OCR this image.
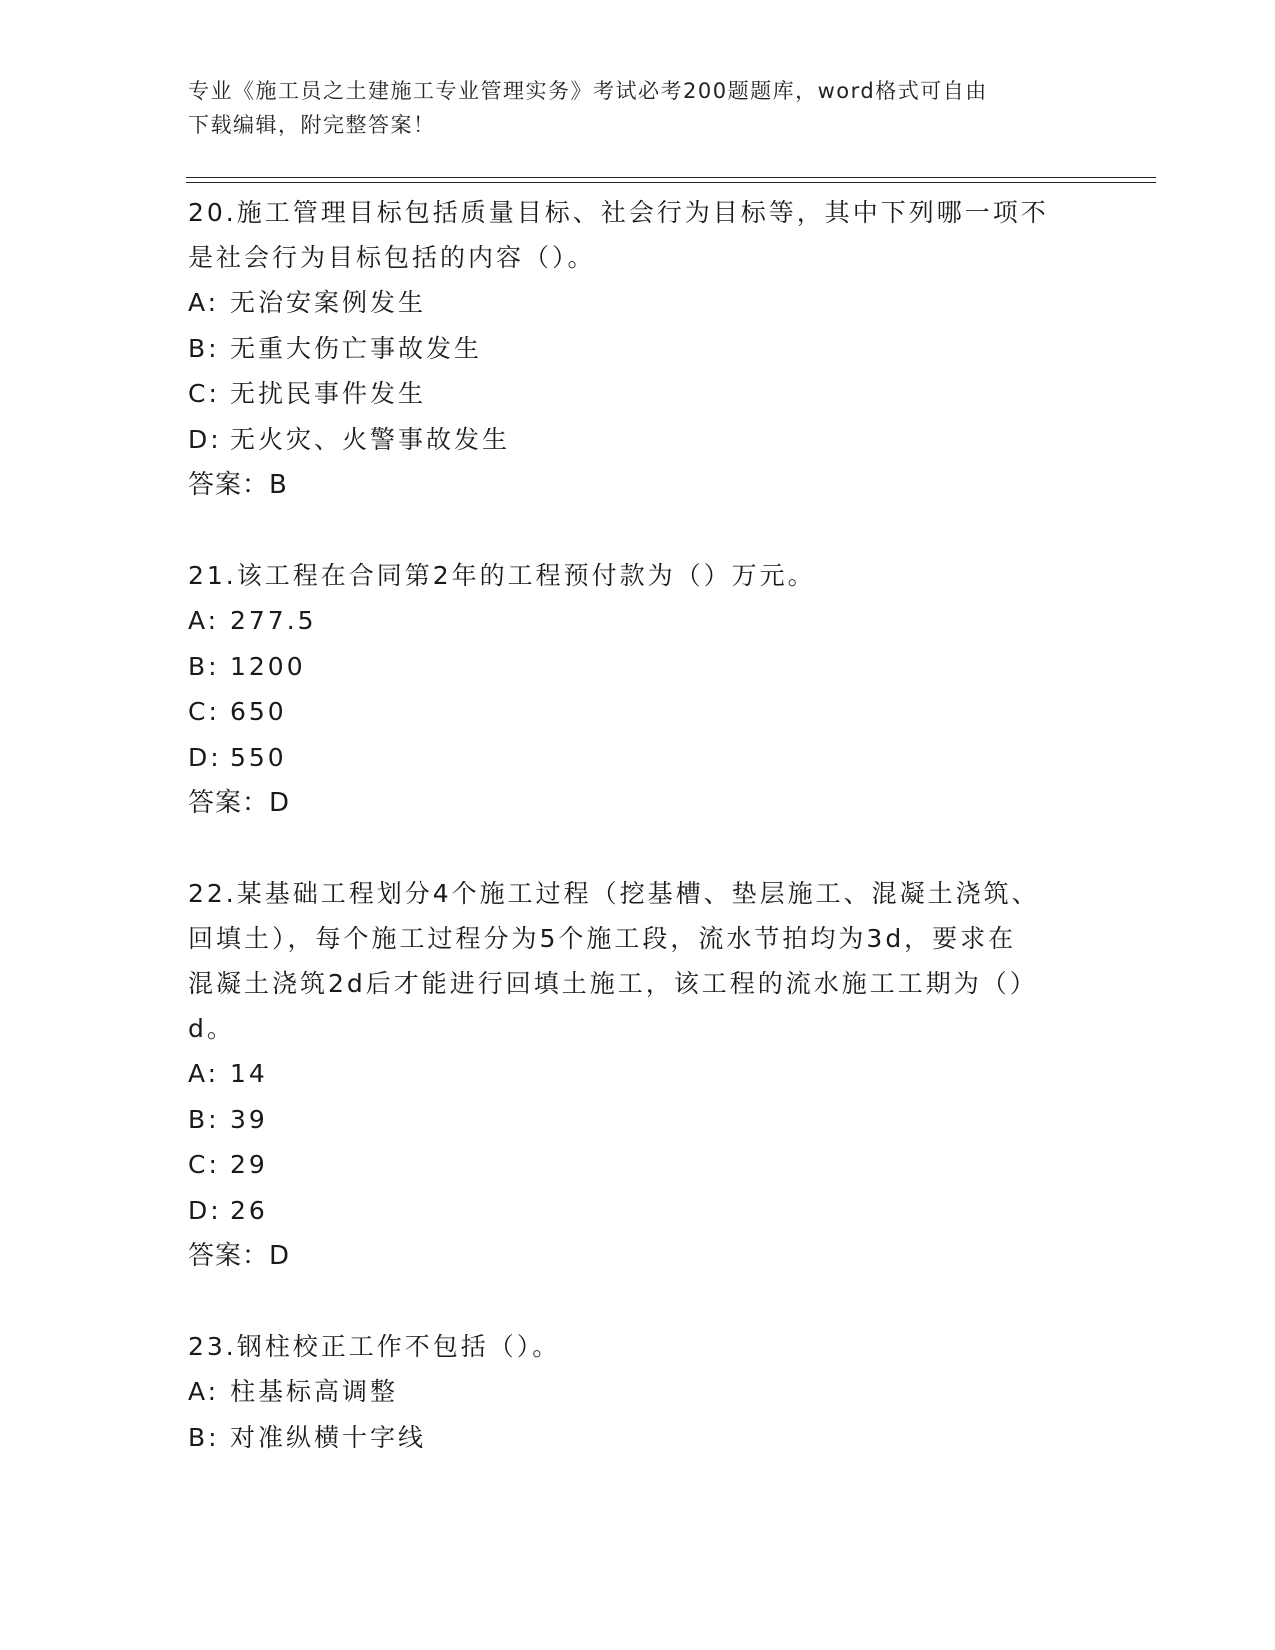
专业《施工员之土建施工专业管理实务》考试必考200题题库，word格式可自由
下载编辑，附完整答案！

20.施工管理目标包括质量目标、社会行为目标等，其中下列哪一项不

是社会行为目标包括的内容（）。

A: 无治安案例发生
B: 无重大伤亡事故发生
C: 无扰民事件发生
D: 无火灾、火警事故发生

答案：B

21.该工程在合同第2年的工程预付款为（）万元。

A: 277.5
B: 1200
C: 650
D: 550

答案：D

22.某基础工程划分4个施工过程（挖基槽、垫层施工、混凝土浇筑、

回填土），每个施工过程分为5个施工段，流水节拍均为3d，要求在

混凝土浇筑2d后才能进行回填土施工，该工程的流水施工工期为（）

d。

A: 14
B: 39
C: 29
D: 26

答案：D

23.钢柱校正工作不包括（）。

A: 柱基标高调整
B: 对准纵横十字线
